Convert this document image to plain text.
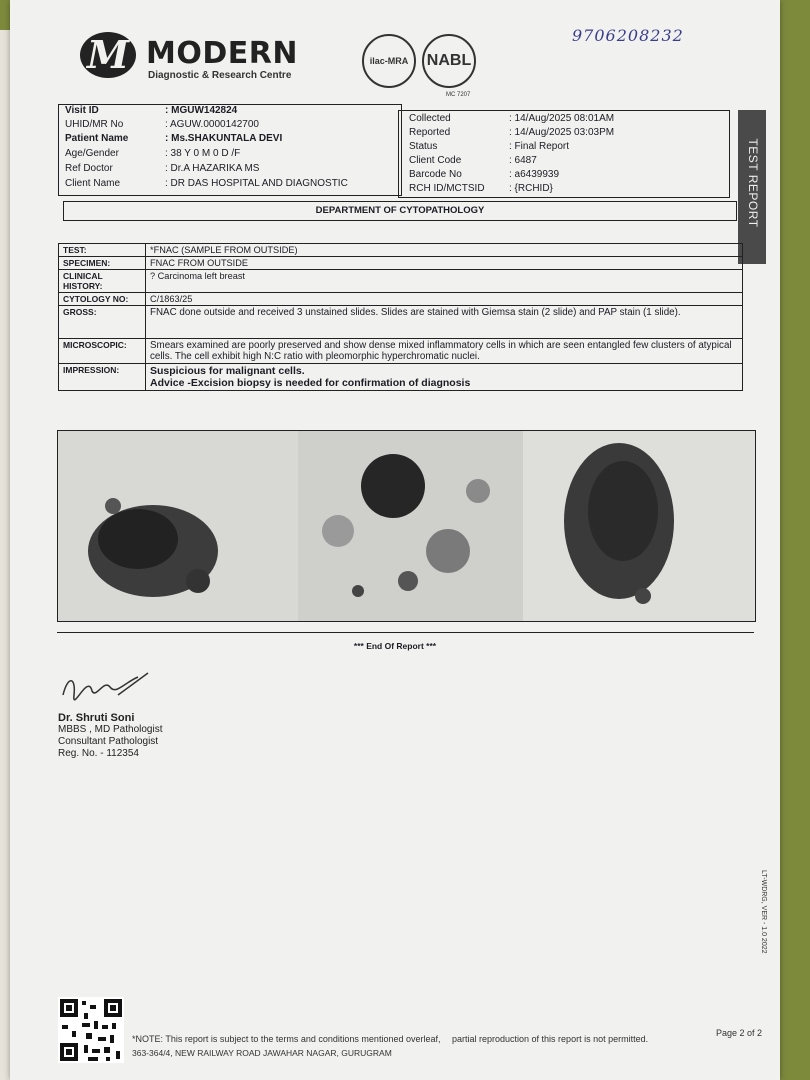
9706208232
M MODERN
Diagnostic & Research Centre
ilac-MRA	NABL
MC 7207
Visit ID	: MGUW142824
UHID/MR No	: AGUW.0000142700
Patient Name	: Ms.SHAKUNTALA DEVI
Age/Gender	: 38 Y 0 M 0 D /F
Ref Doctor	: Dr.A HAZARIKA MS
Client Name	: DR DAS HOSPITAL AND DIAGNOSTIC
Collected	: 14/Aug/2025 08:01AM
Reported	: 14/Aug/2025 03:03PM
Status	: Final Report
Client Code	: 6487
Barcode No	: a6439939
RCH ID/MCTSID : {RCHID}	TEST REPORT
DEPARTMENT OF CYTOPATHOLOGY
TEST:	*FNAC (SAMPLE FROM OUTSIDE)
SPECIMEN:	FNAC FROM OUTSIDE
CLINICAL HISTORY:	? Carcinoma left breast
CYTOLOGY NO:	C/1863/25
GROSS:	FNAC done outside and received 3 unstained slides. Slides are stained with Giemsa stain (2 slide) and PAP stain (1 slide).
MICROSCOPIC:	Smears examined are poorly preserved and show dense mixed inflammatory cells in which are seen entangled few clusters of atypical cells. The cell exhibit high N:C ratio with pleomorphic hyperchromatic nuclei.
IMPRESSION:	Suspicious for malignant cells.
Advice -Excision biopsy is needed for confirmation of diagnosis
*** End Of Report ***
Dr. Shruti Soni
MBBS , MD Pathologist
Consultant Pathologist
Reg. No. - 112354
LT-WDRG, VER - 1.0 2022
*NOTE: This report is subject to the terms and conditions mentioned overleaf, partial reproduction of this report is not permitted.
Page 2 of 2
363-364/4, NEW RAILWAY ROAD JAWAHAR NAGAR, GURUGRAM
